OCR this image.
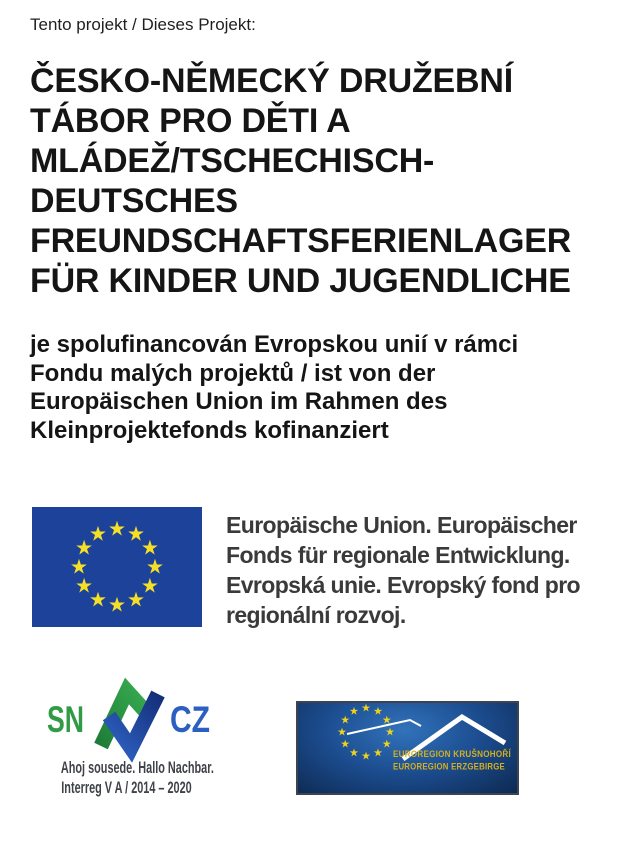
Tento projekt / Dieses Projekt:
ČESKO-NĚMECKÝ DRUŽEBNÍ
TÁBOR PRO DĚTI A
MLÁDEŽ/TSCHECHISCH-
DEUTSCHES
FREUNDSCHAFTSFERIENLAGER
FÜR KINDER UND JUGENDLICHE
je spolufinancován Evropskou unií v rámci
Fondu malých projektů / ist von der
Europäischen Union im Rahmen des
Kleinprojektefonds kofinanziert
Europäische Union. Europäischer
Fonds für regionale Entwicklung.
Evropská unie. Evropský fond pro
regionální rozvoj.
SN CZ
Ahoj sousede. Hallo Nachbar.
Interreg V A / 2014 – 2020
EUROREGION KRUŠNOHOŘÍ
EUROREGION ERZGEBIRGE
